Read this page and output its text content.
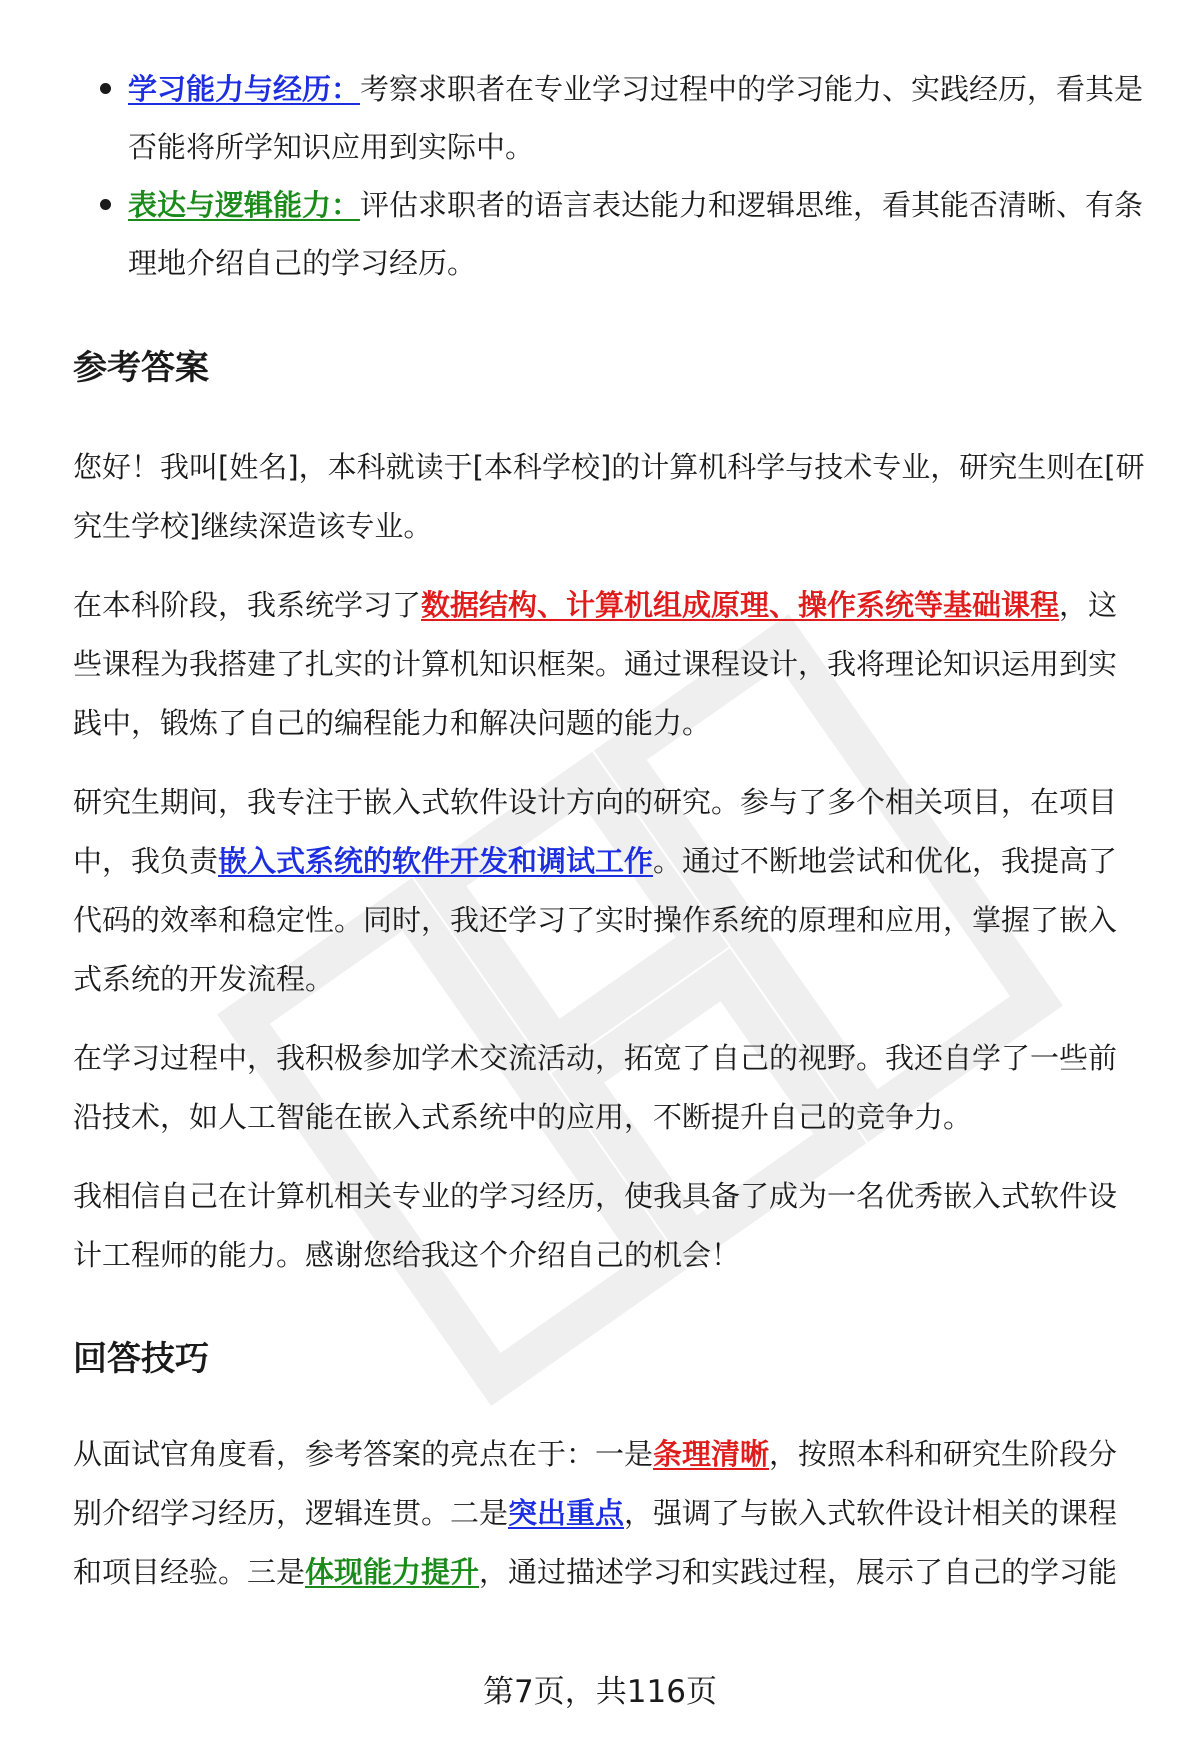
学习能力与经历：考察求职者在专业学习过程中的学习能力、实践经历，看其是否能将所学知识应用到实际中。
表达与逻辑能力：评估求职者的语言表达能力和逻辑思维，看其能否清晰、有条理地介绍自己的学习经历。
参考答案

您好！我叫[姓名]，本科就读于[本科学校]的计算机科学与技术专业，研究生则在[研究生学校]继续深造该专业。

在本科阶段，我系统学习了数据结构、计算机组成原理、操作系统等基础课程，这些课程为我搭建了扎实的计算机知识框架。通过课程设计，我将理论知识运用到实践中，锻炼了自己的编程能力和解决问题的能力。

研究生期间，我专注于嵌入式软件设计方向的研究。参与了多个相关项目，在项目中，我负责嵌入式系统的软件开发和调试工作。通过不断地尝试和优化，我提高了代码的效率和稳定性。同时，我还学习了实时操作系统的原理和应用，掌握了嵌入式系统的开发流程。

在学习过程中，我积极参加学术交流活动，拓宽了自己的视野。我还自学了一些前沿技术，如人工智能在嵌入式系统中的应用，不断提升自己的竞争力。

我相信自己在计算机相关专业的学习经历，使我具备了成为一名优秀嵌入式软件设计工程师的能力。感谢您给我这个介绍自己的机会！

回答技巧

从面试官角度看，参考答案的亮点在于：一是条理清晰，按照本科和研究生阶段分别介绍学习经历，逻辑连贯。二是突出重点，强调了与嵌入式软件设计相关的课程和项目经验。三是体现能力提升，通过描述学习和实践过程，展示了自己的学习能

第7页，共116页
